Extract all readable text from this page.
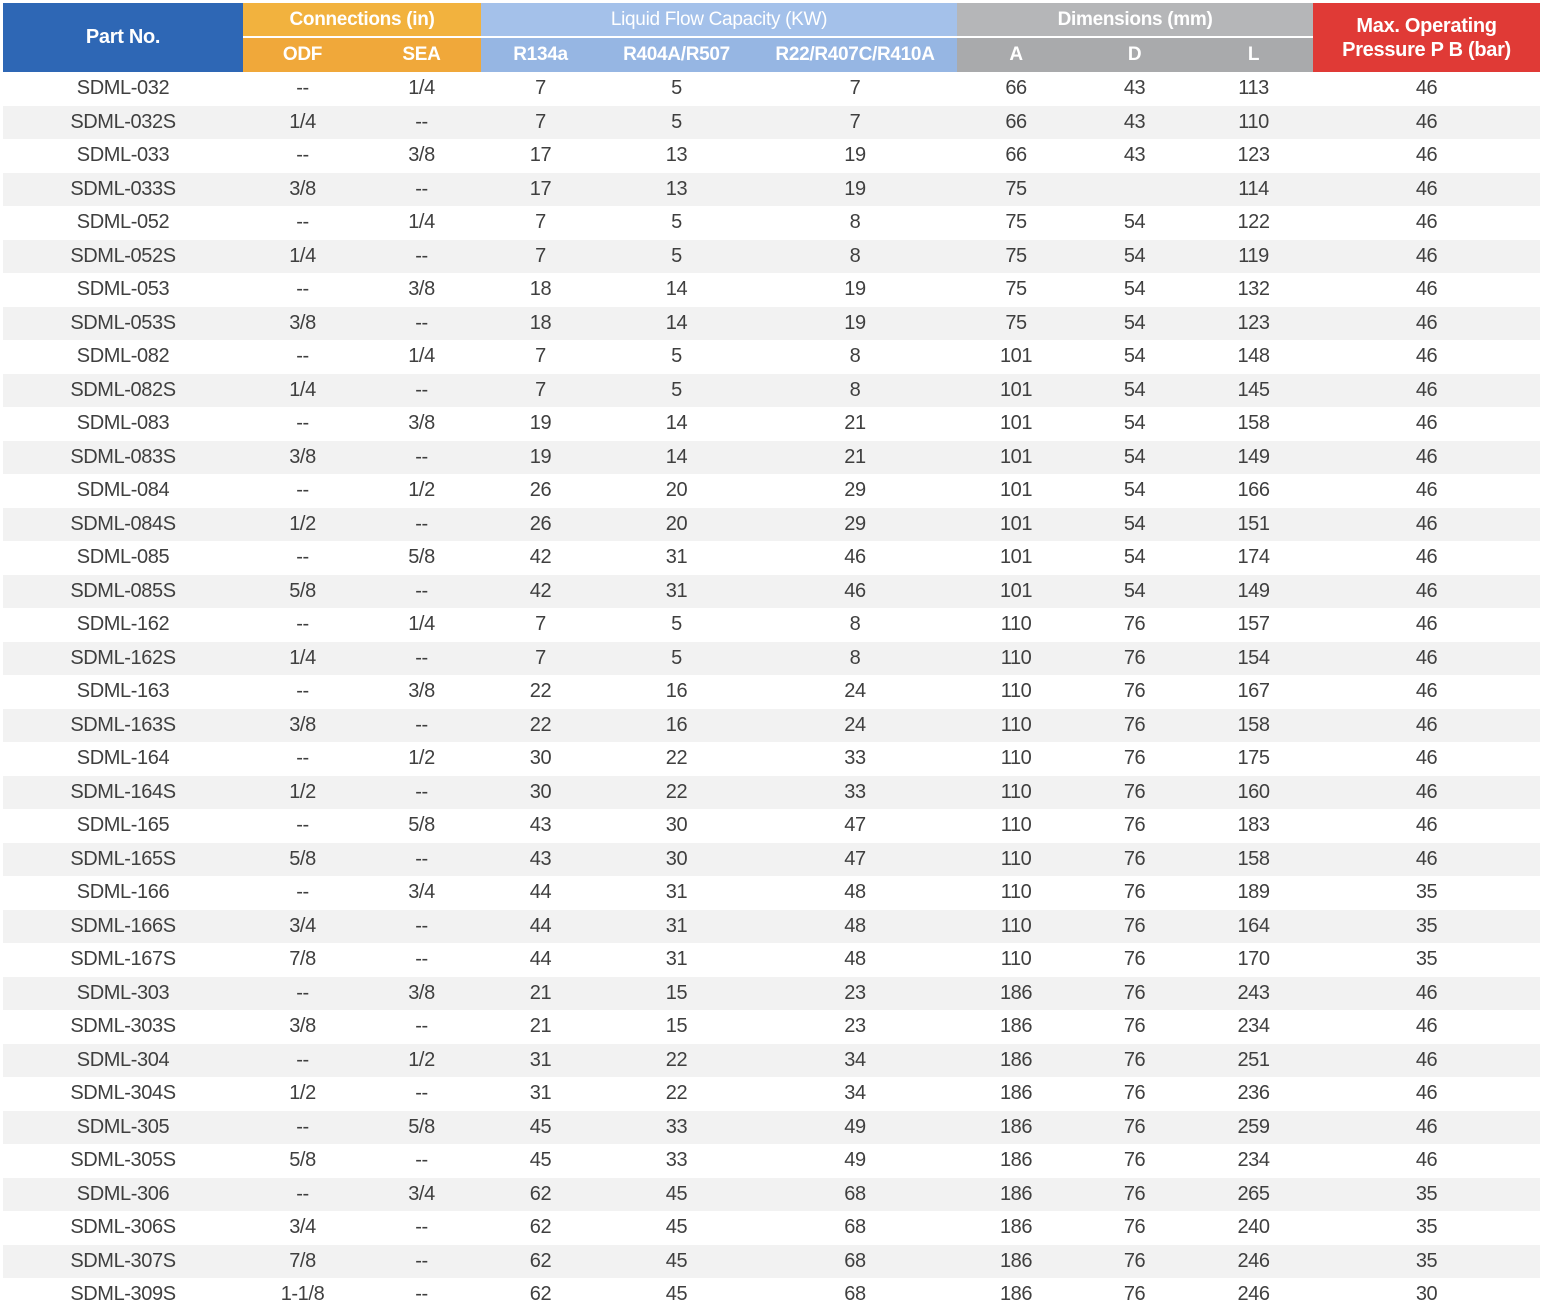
Part No.	Connections (in)		Liquid Flow Capacity (KW)			Dimensions (mm)			Max. Operating
Pressure P B (bar)
	ODF	SEA	R134a	R404A/R507	R22/R407C/R410A	A	D	L	
SDML-032	--	1/4	7	5	7	66	43	113	46
SDML-032S	1/4	--	7	5	7	66	43	110	46
SDML-033	--	3/8	17	13	19	66	43	123	46
SDML-033S	3/8	--	17	13	19	75		114	46
SDML-052	--	1/4	7	5	8	75	54	122	46
SDML-052S	1/4	--	7	5	8	75	54	119	46
SDML-053	--	3/8	18	14	19	75	54	132	46
SDML-053S	3/8	--	18	14	19	75	54	123	46
SDML-082	--	1/4	7	5	8	101	54	148	46
SDML-082S	1/4	--	7	5	8	101	54	145	46
SDML-083	--	3/8	19	14	21	101	54	158	46
SDML-083S	3/8	--	19	14	21	101	54	149	46
SDML-084	--	1/2	26	20	29	101	54	166	46
SDML-084S	1/2	--	26	20	29	101	54	151	46
SDML-085	--	5/8	42	31	46	101	54	174	46
SDML-085S	5/8	--	42	31	46	101	54	149	46
SDML-162	--	1/4	7	5	8	110	76	157	46
SDML-162S	1/4	--	7	5	8	110	76	154	46
SDML-163	--	3/8	22	16	24	110	76	167	46
SDML-163S	3/8	--	22	16	24	110	76	158	46
SDML-164	--	1/2	30	22	33	110	76	175	46
SDML-164S	1/2	--	30	22	33	110	76	160	46
SDML-165	--	5/8	43	30	47	110	76	183	46
SDML-165S	5/8	--	43	30	47	110	76	158	46
SDML-166	--	3/4	44	31	48	110	76	189	35
SDML-166S	3/4	--	44	31	48	110	76	164	35
SDML-167S	7/8	--	44	31	48	110	76	170	35
SDML-303	--	3/8	21	15	23	186	76	243	46
SDML-303S	3/8	--	21	15	23	186	76	234	46
SDML-304	--	1/2	31	22	34	186	76	251	46
SDML-304S	1/2	--	31	22	34	186	76	236	46
SDML-305	--	5/8	45	33	49	186	76	259	46
SDML-305S	5/8	--	45	33	49	186	76	234	46
SDML-306	--	3/4	62	45	68	186	76	265	35
SDML-306S	3/4	--	62	45	68	186	76	240	35
SDML-307S	7/8	--	62	45	68	186	76	246	35
SDML-309S	1-1/8	--	62	45	68	186	76	246	30
